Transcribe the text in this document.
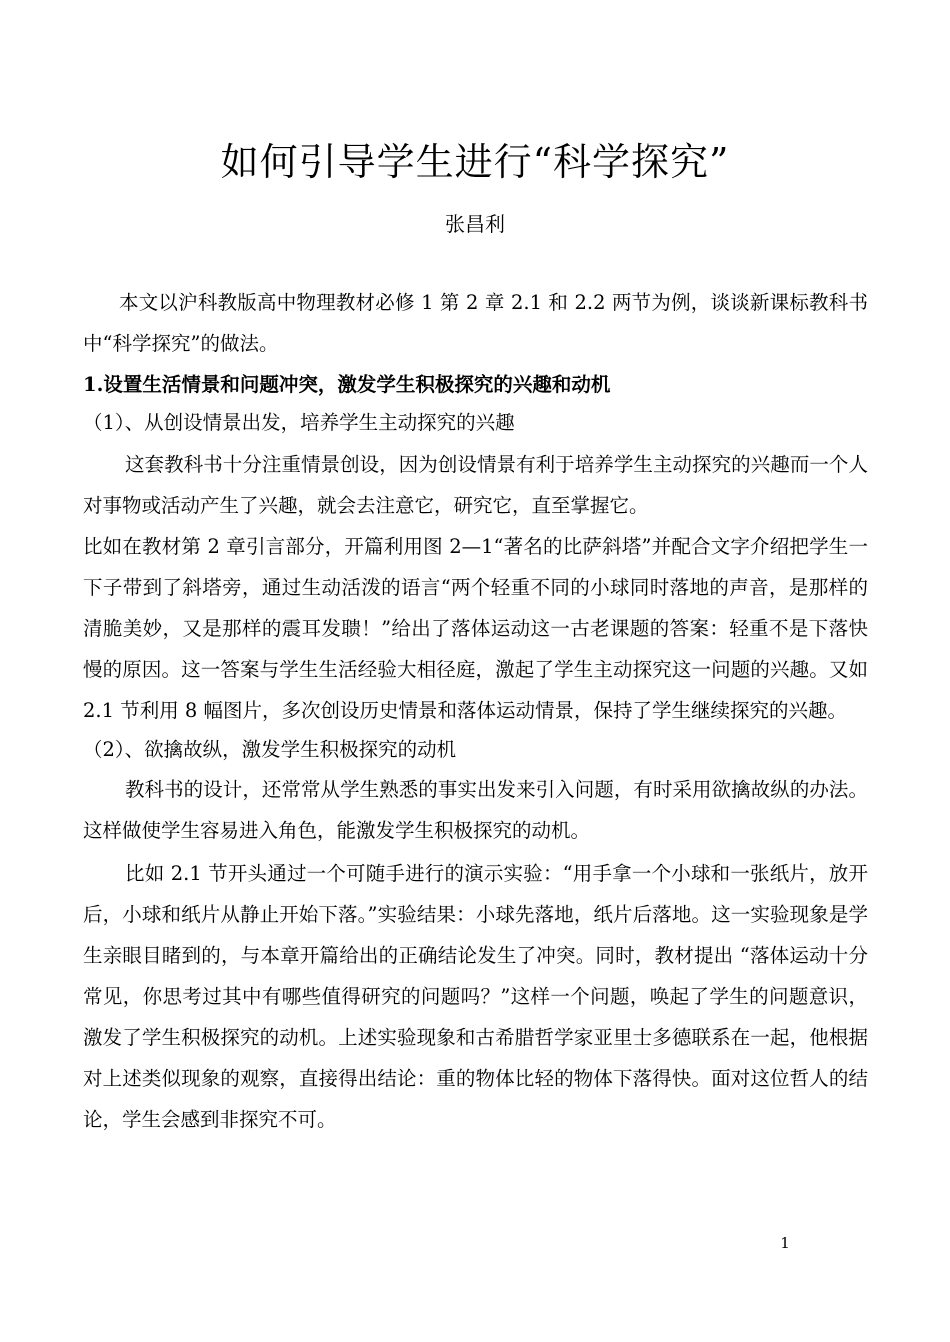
如何引导学生进行“科学探究”
张昌利

本文以沪科教版高中物理教材必修 1 第 2 章 2.1 和 2.2 两节为例，谈谈新课标教科书中“科学探究”的做法。

1.设置生活情景和问题冲突，激发学生积极探究的兴趣和动机

（1）、从创设情景出发，培养学生主动探究的兴趣

这套教科书十分注重情景创设，因为创设情景有利于培养学生主动探究的兴趣而一个人对事物或活动产生了兴趣，就会去注意它，研究它，直至掌握它。

比如在教材第 2 章引言部分，开篇利用图 2—1“著名的比萨斜塔”并配合文字介绍把学生一下子带到了斜塔旁，通过生动活泼的语言“两个轻重不同的小球同时落地的声音，是那样的清脆美妙，又是那样的震耳发聩！”给出了落体运动这一古老课题的答案：轻重不是下落快慢的原因。这一答案与学生生活经验大相径庭，激起了学生主动探究这一问题的兴趣。又如 2.1 节利用 8 幅图片，多次创设历史情景和落体运动情景，保持了学生继续探究的兴趣。

（2）、欲擒故纵，激发学生积极探究的动机

教科书的设计，还常常从学生熟悉的事实出发来引入问题，有时采用欲擒故纵的办法。这样做使学生容易进入角色，能激发学生积极探究的动机。

比如 2.1 节开头通过一个可随手进行的演示实验：“用手拿一个小球和一张纸片，放开后，小球和纸片从静止开始下落。”实验结果：小球先落地，纸片后落地。这一实验现象是学生亲眼目睹到的，与本章开篇给出的正确结论发生了冲突。同时，教材提出 “落体运动十分常见，你思考过其中有哪些值得研究的问题吗？”这样一个问题，唤起了学生的问题意识，激发了学生积极探究的动机。上述实验现象和古希腊哲学家亚里士多德联系在一起，他根据对上述类似现象的观察，直接得出结论：重的物体比轻的物体下落得快。面对这位哲人的结论，学生会感到非探究不可。

1
